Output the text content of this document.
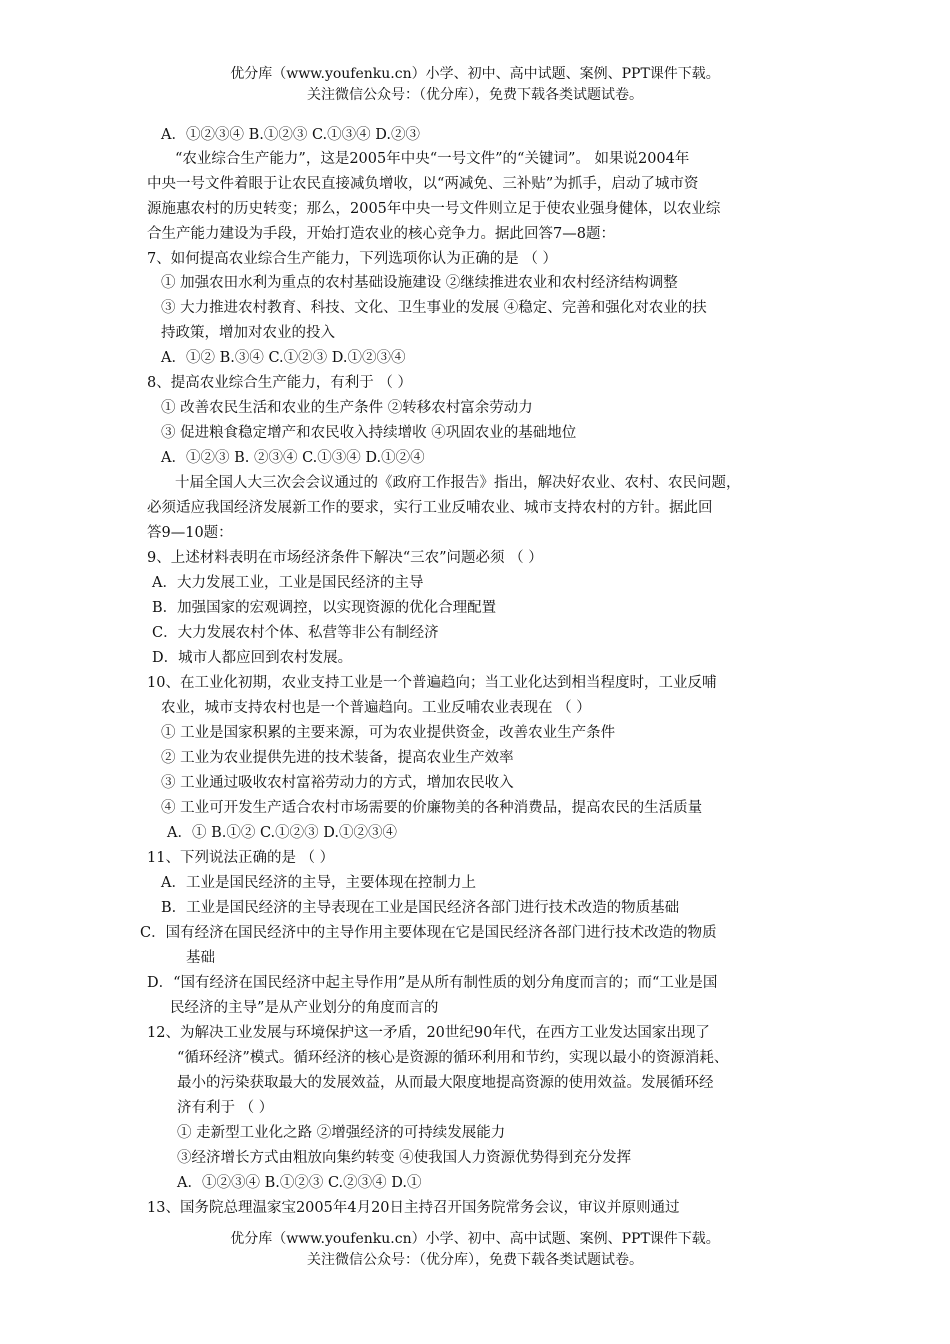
优分库（www.youfenku.cn）小学、初中、高中试题、案例、PPT课件下载。
关注微信公众号：（优分库），免费下载各类试题试卷。
A．①②③④ B.①②③ C.①③④ D.②③
“农业综合生产能力”，这是2005年中央“一号文件”的“关键词”。 如果说2004年
中央一号文件着眼于让农民直接减负增收，以“两减免、三补贴”为抓手，启动了城市资
源施惠农村的历史转变；那么，2005年中央一号文件则立足于使农业强身健体，以农业综
合生产能力建设为手段，开始打造农业的核心竞争力。据此回答7—8题：
7、如何提高农业综合生产能力，下列选项你认为正确的是 （ ）
① 加强农田水利为重点的农村基础设施建设 ②继续推进农业和农村经济结构调整
③ 大力推进农村教育、科技、文化、卫生事业的发展 ④稳定、完善和强化对农业的扶
持政策，增加对农业的投入
A．①② B.③④ C.①②③ D.①②③④
8、提高农业综合生产能力，有利于 （ ）
① 改善农民生活和农业的生产条件 ②转移农村富余劳动力
③ 促进粮食稳定增产和农民收入持续增收 ④巩固农业的基础地位
A．①②③ B. ②③④ C.①③④ D.①②④
十届全国人大三次会会议通过的《政府工作报告》指出，解决好农业、农村、农民问题，
必须适应我国经济发展新工作的要求，实行工业反哺农业、城市支持农村的方针。据此回
答9—10题：
9、上述材料表明在市场经济条件下解决“三农”问题必须 （ ）
A．大力发展工业，工业是国民经济的主导
B．加强国家的宏观调控，以实现资源的优化合理配置
C．大力发展农村个体、私营等非公有制经济
D．城市人都应回到农村发展。
10、在工业化初期，农业支持工业是一个普遍趋向；当工业化达到相当程度时，工业反哺
农业，城市支持农村也是一个普遍趋向。工业反哺农业表现在 （ ）
① 工业是国家积累的主要来源，可为农业提供资金，改善农业生产条件
② 工业为农业提供先进的技术装备，提高农业生产效率
③ 工业通过吸收农村富裕劳动力的方式，增加农民收入
④ 工业可开发生产适合农村市场需要的价廉物美的各种消费品，提高农民的生活质量
A．① B.①② C.①②③ D.①②③④
11、下列说法正确的是 （ ）
A．工业是国民经济的主导，主要体现在控制力上
B．工业是国民经济的主导表现在工业是国民经济各部门进行技术改造的物质基础
C．国有经济在国民经济中的主导作用主要体现在它是国民经济各部门进行技术改造的物质
基础
D．“国有经济在国民经济中起主导作用”是从所有制性质的划分角度而言的；而“工业是国
民经济的主导”是从产业划分的角度而言的
12、为解决工业发展与环境保护这一矛盾，20世纪90年代，在西方工业发达国家出现了
“循环经济”模式。循环经济的核心是资源的循环利用和节约，实现以最小的资源消耗、
最小的污染获取最大的发展效益，从而最大限度地提高资源的使用效益。发展循环经
济有利于 （ ）
① 走新型工业化之路 ②增强经济的可持续发展能力
③经济增长方式由粗放向集约转变 ④使我国人力资源优势得到充分发挥
A．①②③④ B.①②③ C.②③④ D.①
13、国务院总理温家宝2005年4月20日主持召开国务院常务会议，审议并原则通过
优分库（www.youfenku.cn）小学、初中、高中试题、案例、PPT课件下载。
关注微信公众号：（优分库），免费下载各类试题试卷。
